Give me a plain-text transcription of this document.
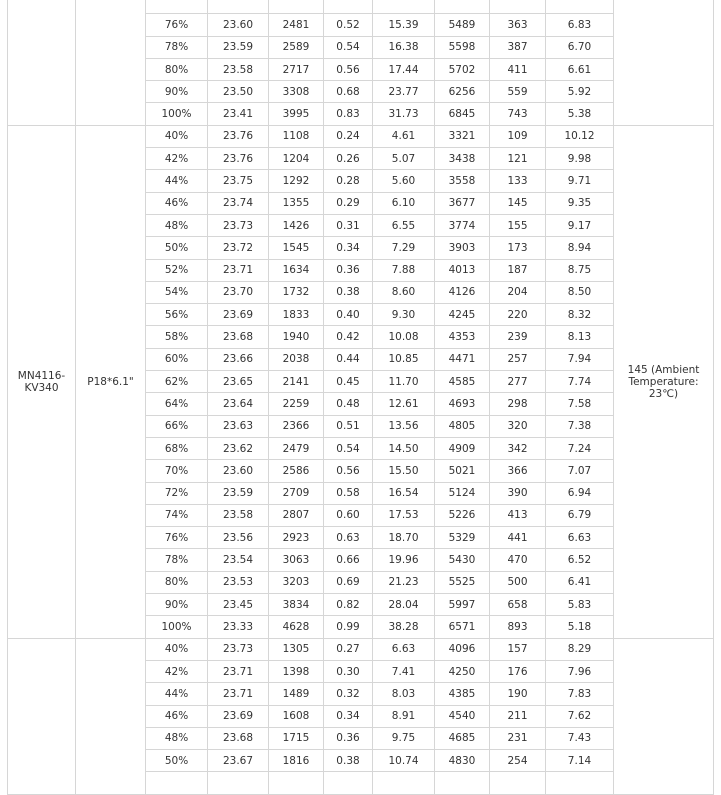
		76%	23.60	2481	0.52	15.39	5489	363	6.83	
		78%	23.59	2589	0.54	16.38	5598	387	6.70	
		80%	23.58	2717	0.56	17.44	5702	411	6.61	
		90%	23.50	3308	0.68	23.77	6256	559	5.92	
		100%	23.41	3995	0.83	31.73	6845	743	5.38	
MN4116-KV340	P18*6.1"	40%	23.76	1108	0.24	4.61	3321	109	10.12	145 (Ambient Temperature: 23℃)
		42%	23.76	1204	0.26	5.07	3438	121	9.98	
		44%	23.75	1292	0.28	5.60	3558	133	9.71	
		46%	23.74	1355	0.29	6.10	3677	145	9.35	
		48%	23.73	1426	0.31	6.55	3774	155	9.17	
		50%	23.72	1545	0.34	7.29	3903	173	8.94	
		52%	23.71	1634	0.36	7.88	4013	187	8.75	
		54%	23.70	1732	0.38	8.60	4126	204	8.50	
		56%	23.69	1833	0.40	9.30	4245	220	8.32	
		58%	23.68	1940	0.42	10.08	4353	239	8.13	
		60%	23.66	2038	0.44	10.85	4471	257	7.94	
		62%	23.65	2141	0.45	11.70	4585	277	7.74	
		64%	23.64	2259	0.48	12.61	4693	298	7.58	
		66%	23.63	2366	0.51	13.56	4805	320	7.38	
		68%	23.62	2479	0.54	14.50	4909	342	7.24	
		70%	23.60	2586	0.56	15.50	5021	366	7.07	
		72%	23.59	2709	0.58	16.54	5124	390	6.94	
		74%	23.58	2807	0.60	17.53	5226	413	6.79	
		76%	23.56	2923	0.63	18.70	5329	441	6.63	
		78%	23.54	3063	0.66	19.96	5430	470	6.52	
		80%	23.53	3203	0.69	21.23	5525	500	6.41	
		90%	23.45	3834	0.82	28.04	5997	658	5.83	
		100%	23.33	4628	0.99	38.28	6571	893	5.18	
		40%	23.73	1305	0.27	6.63	4096	157	8.29	
		42%	23.71	1398	0.30	7.41	4250	176	7.96	
		44%	23.71	1489	0.32	8.03	4385	190	7.83	
		46%	23.69	1608	0.34	8.91	4540	211	7.62	
		48%	23.68	1715	0.36	9.75	4685	231	7.43	
		50%	23.67	1816	0.38	10.74	4830	254	7.14	
